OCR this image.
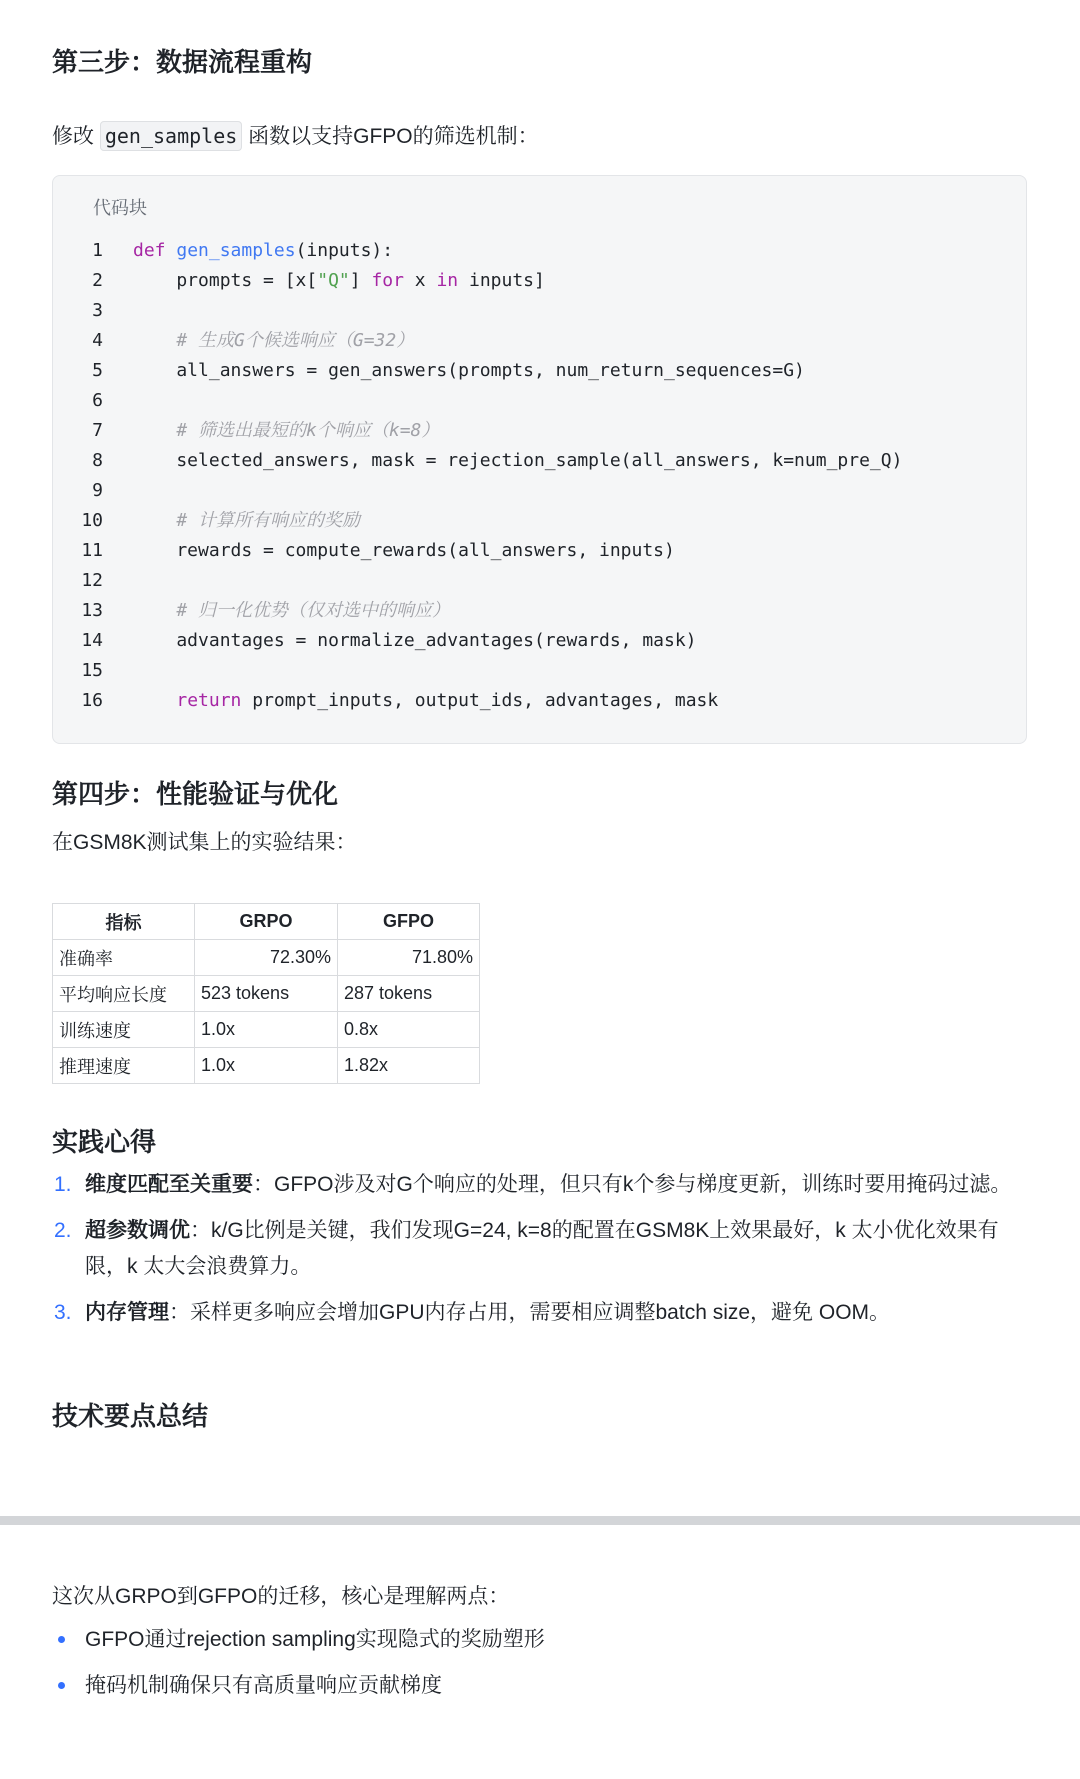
第三步：数据流程重构

修改 gen_samples 函数以支持GFPO的筛选机制：

代码块
1 def gen_samples(inputs):
2 prompts = [x["Q"] for x in inputs]
3
4	# 生成G个候选响应（G=32）
5 all_answers = gen_answers(prompts, num_return_sequences=G)
6
7	# 筛选出最短的k个响应（k=8）
8 selected_answers, mask = rejection_sample(all_answers, k=num_pre_Q)
9
10	# 计算所有响应的奖励
11 rewards = compute_rewards(all_answers, inputs)
12
13	# 归一化优势（仅对选中的响应）
14 advantages = normalize_advantages(rewards, mask)
15
16	return prompt_inputs, output_ids, advantages, mask
第四步：性能验证与优化

在GSM8K测试集上的实验结果：

指标	GRPO	GFPO
准确率	72.30%	71.80%
平均响应长度	523 tokens	287 tokens
训练速度	1.0x	0.8x
推理速度	1.0x	1.82x
实践心得
1. 维度匹配至关重要：GFPO涉及对G个响应的处理，但只有k个参与梯度更新，训练时要用掩码过滤。
2. 超参数调优：k/G比例是关键，我们发现G=24, k=8的配置在GSM8K上效果最好，k 太小优化效果有限，k 太大会浪费算力。
3. 内存管理：采样更多响应会增加GPU内存占用，需要相应调整batch size，避免 OOM。
技术要点总结

这次从GRPO到GFPO的迁移，核心是理解两点：

GFPO通过rejection sampling实现隐式的奖励塑形
掩码机制确保只有高质量响应贡献梯度
